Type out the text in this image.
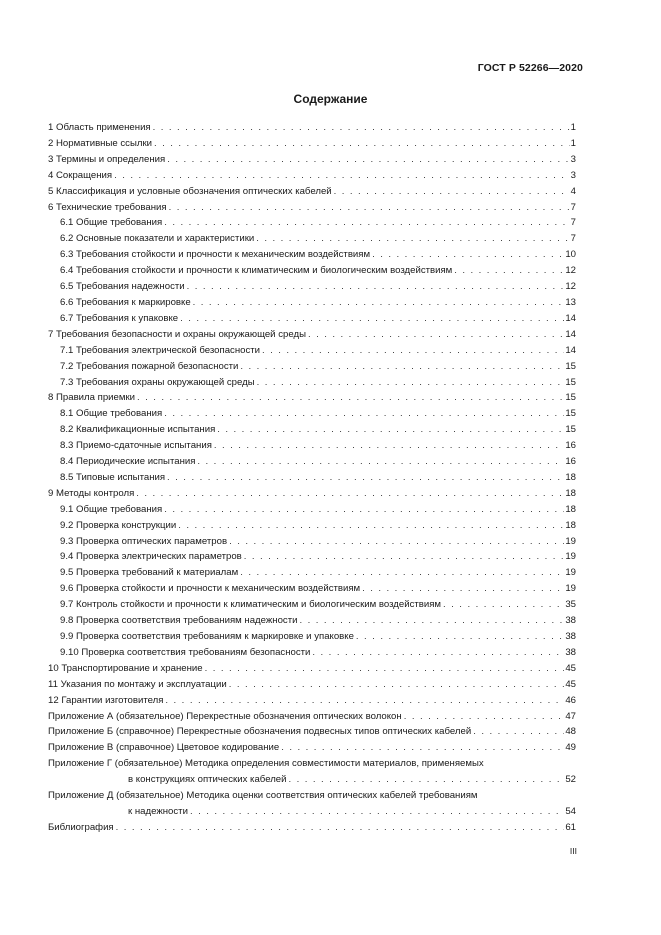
ГОСТ Р 52266—2020
Содержание
1 Область применения . . .	1
2 Нормативные ссылки . . .	1
3 Термины и определения . . .	3
4 Сокращения . . .	3
5 Классификация и условные обозначения оптических кабелей . . .	4
6 Технические требования . . .	7
6.1 Общие требования . . .	7
6.2 Основные показатели и характеристики . . .	7
6.3 Требования стойкости и прочности к механическим воздействиям . . .	10
6.4 Требования стойкости и прочности к климатическим и биологическим воздействиям . . .	12
6.5 Требования надежности . . .	12
6.6 Требования к маркировке . . .	13
6.7 Требования к упаковке . . .	14
7 Требования безопасности и охраны окружающей среды . . .	14
7.1 Требования электрической безопасности . . .	14
7.2 Требования пожарной безопасности . . .	15
7.3 Требования охраны окружающей среды . . .	15
8 Правила приемки . . .	15
8.1 Общие требования . . .	15
8.2 Квалификационные испытания . . .	15
8.3 Приемо-сдаточные испытания . . .	16
8.4 Периодические испытания . . .	16
8.5 Типовые испытания . . .	18
9 Методы контроля . . .	18
9.1 Общие требования . . .	18
9.2 Проверка конструкции . . .	18
9.3 Проверка оптических параметров . . .	19
9.4 Проверка электрических параметров . . .	19
9.5 Проверка требований к материалам . . .	19
9.6 Проверка стойкости и прочности к механическим воздействиям . . .	19
9.7 Контроль стойкости и прочности к климатическим и биологическим воздействиям . . .	35
9.8 Проверка соответствия требованиям надежности . . .	38
9.9 Проверка соответствия требованиям к маркировке и упаковке . . .	38
9.10 Проверка соответствия требованиям безопасности . . .	38
10 Транспортирование и хранение . . .	45
11 Указания по монтажу и эксплуатации . . .	45
12 Гарантии изготовителя . . .	46
Приложение А (обязательное) Перекрестные обозначения оптических волокон . . .	47
Приложение Б (справочное) Перекрестные обозначения подвесных типов оптических кабелей . . .	48
Приложение В (справочное) Цветовое кодирование . . .	49
Приложение Г (обязательное) Методика определения совместимости материалов, применяемых
в конструкциях оптических кабелей . . .	52
Приложение Д (обязательное) Методика оценки соответствия оптических кабелей требованиям
к надежности . . .	54
Библиография . . .	61
III
